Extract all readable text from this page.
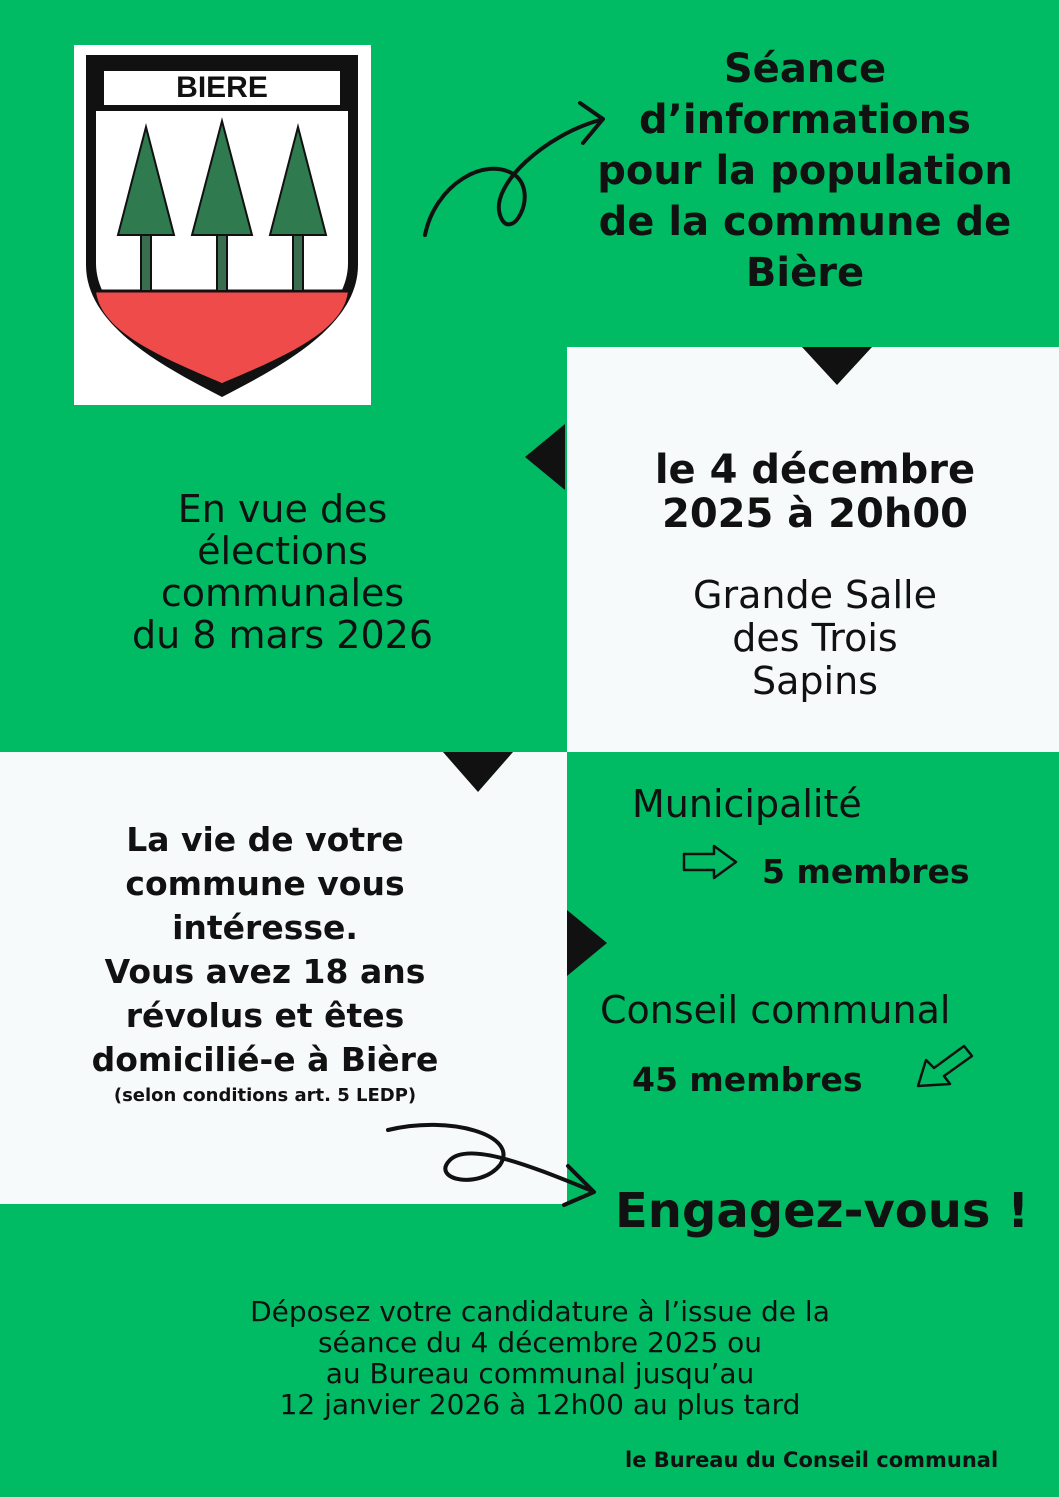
BIERE	Séance
d’informations
pour la population
de la commune de
Bière
le 4 décembre
2025 à 20h00
Grande Salle
des Trois
Sapins
En vue des
élections
communales
du 8 mars 2026
La vie de votre
commune vous
intéresse.
Vous avez 18 ans
révolus et êtes
domicilié-e à Bière
(selon conditions art. 5 LEDP)
Municipalité
5 membres
Conseil communal
45 membres
Engagez-vous !
Déposez votre candidature à l’issue de la
séance du 4 décembre 2025 ou
au Bureau communal jusqu’au
12 janvier 2026 à 12h00 au plus tard
le Bureau du Conseil communal
